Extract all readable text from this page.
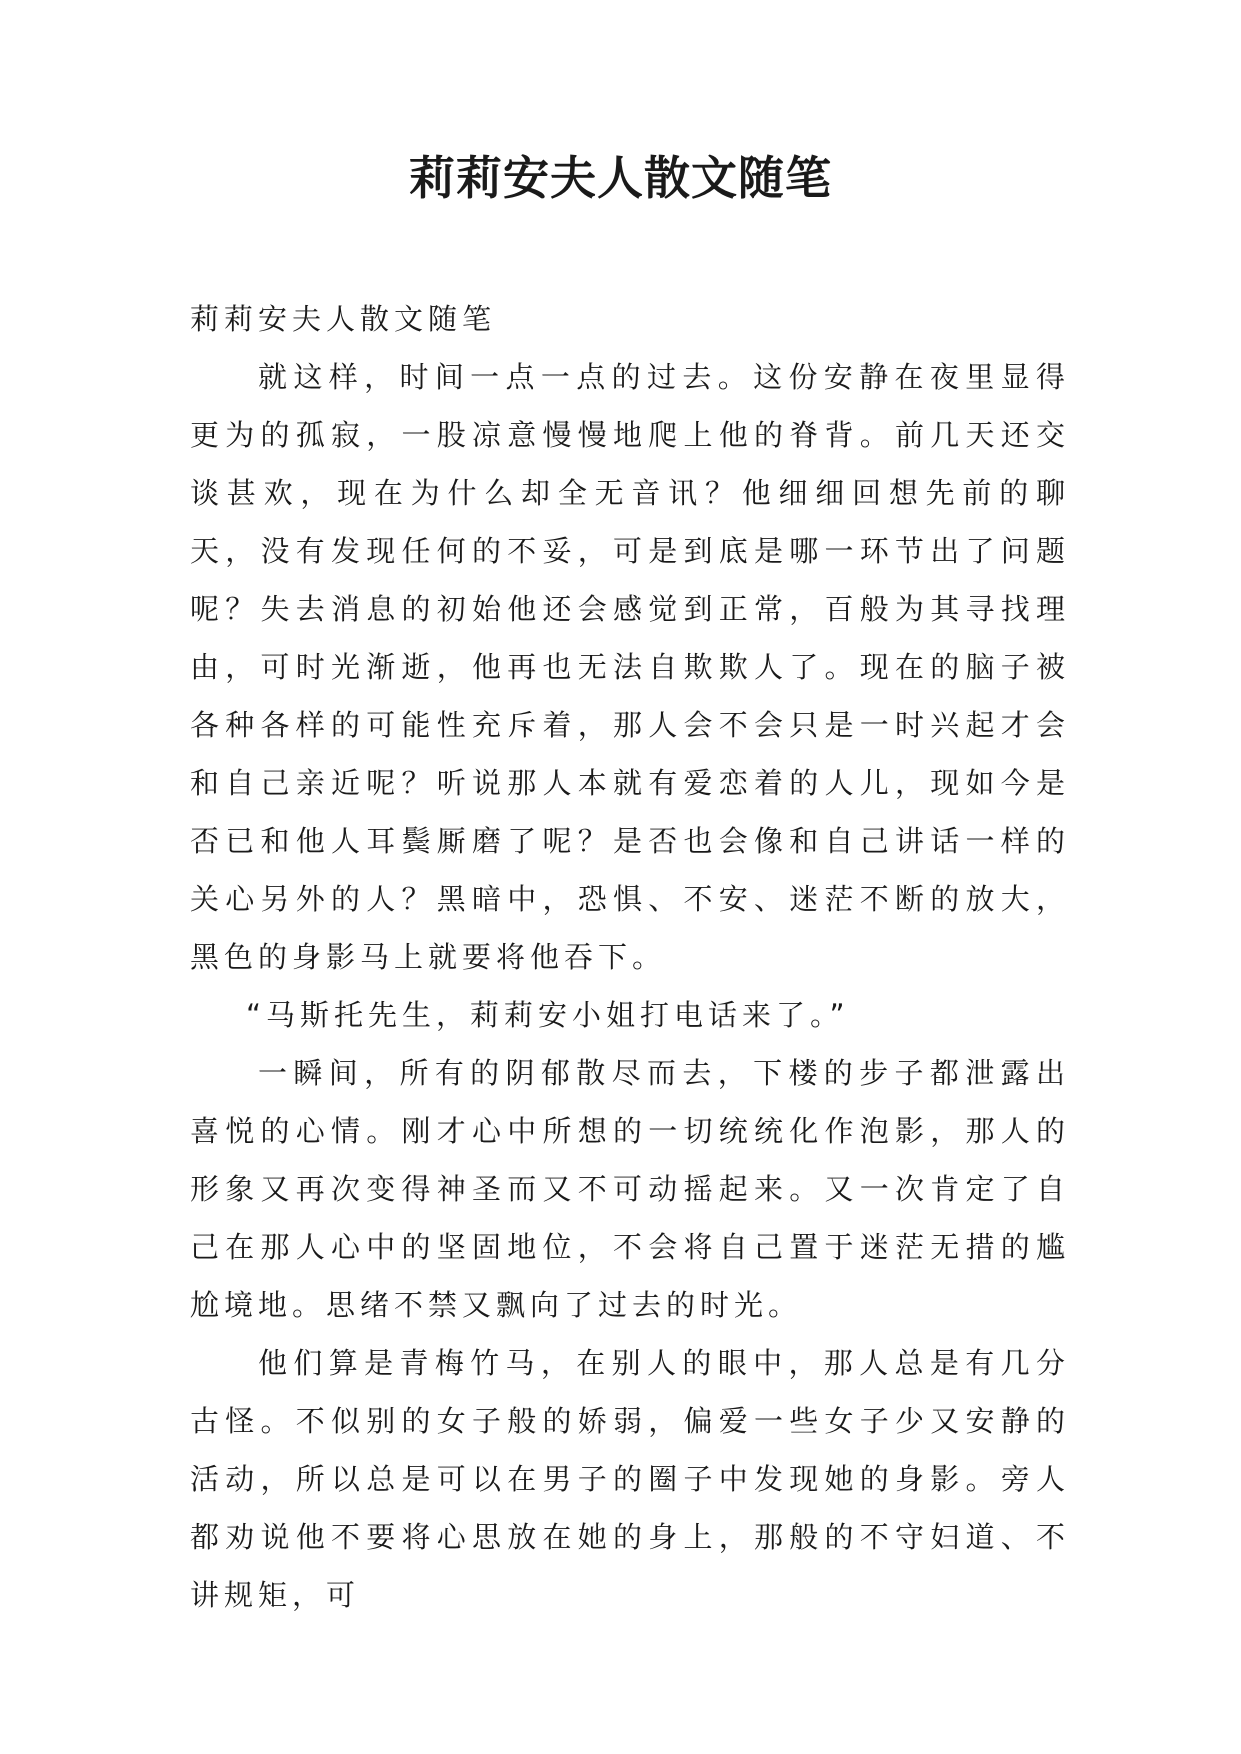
莉莉安夫人散文随笔

莉莉安夫人散文随笔

就这样，时间一点一点的过去。这份安静在夜里显得更为的孤寂，一股凉意慢慢地爬上他的脊背。前几天还交谈甚欢，现在为什么却全无音讯？他细细回想先前的聊天，没有发现任何的不妥，可是到底是哪一环节出了问题呢？失去消息的初始他还会感觉到正常，百般为其寻找理由，可时光渐逝，他再也无法自欺欺人了。现在的脑子被各种各样的可能性充斥着，那人会不会只是一时兴起才会和自己亲近呢？听说那人本就有爱恋着的人儿，现如今是否已和他人耳鬓厮磨了呢？是否也会像和自己讲话一样的关心另外的人？黑暗中，恐惧、不安、迷茫不断的放大，黑色的身影马上就要将他吞下。

“马斯托先生，莉莉安小姐打电话来了。”

一瞬间，所有的阴郁散尽而去，下楼的步子都泄露出喜悦的心情。刚才心中所想的一切统统化作泡影，那人的形象又再次变得神圣而又不可动摇起来。又一次肯定了自己在那人心中的坚固地位，不会将自己置于迷茫无措的尴尬境地。思绪不禁又飘向了过去的时光。

他们算是青梅竹马，在别人的眼中，那人总是有几分古怪。不似别的女子般的娇弱，偏爱一些女子少又安静的活动，所以总是可以在男子的圈子中发现她的身影。旁人都劝说他不要将心思放在她的身上，那般的不守妇道、不讲规矩，可
